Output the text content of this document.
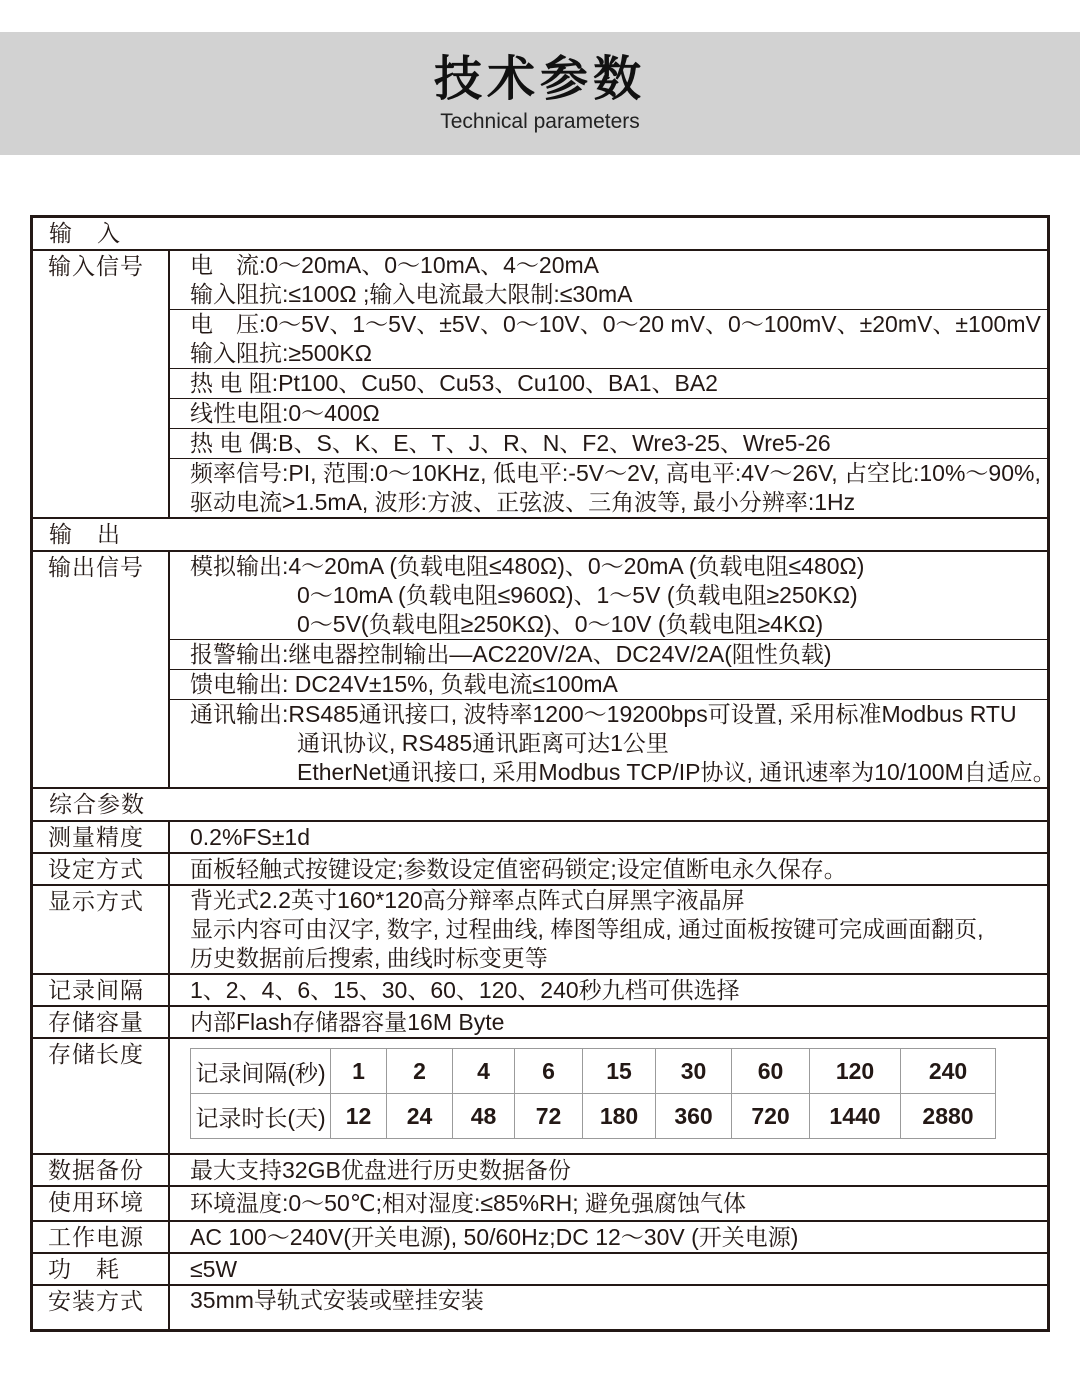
技术参数
Technical parameters
输　入
输入信号	电　流:0～20mA、0～10mA、4～20mA
输入阻抗:≤100Ω ;输入电流最大限制:≤30mA
电　压:0～5V、1～5V、±5V、0～10V、0～20 mV、0～100mV、±20mV、±100mV
输入阻抗:≥500KΩ
热 电 阻:Pt100、Cu50、Cu53、Cu100、BA1、BA2
线性电阻:0～400Ω
热 电 偶:B、S、K、E、T、J、R、N、F2、Wre3-25、Wre5-26
频率信号:PI, 范围:0～10KHz, 低电平:-5V～2V, 高电平:4V～26V, 占空比:10%～90%,
驱动电流>1.5mA, 波形:方波、正弦波、三角波等, 最小分辨率:1Hz
输　出
输出信号	模拟输出:4～20mA (负载电阻≤480Ω)、0～20mA (负载电阻≤480Ω)
0～10mA (负载电阻≤960Ω)、1～5V (负载电阻≥250KΩ)
0～5V(负载电阻≥250KΩ)、0～10V (负载电阻≥4KΩ)
报警输出:继电器控制输出—AC220V/2A、DC24V/2A(阻性负载)
馈电输出: DC24V±15%, 负载电流≤100mA
通讯输出:RS485通讯接口, 波特率1200～19200bps可设置, 采用标准Modbus RTU
通讯协议, RS485通讯距离可达1公里
EtherNet通讯接口, 采用Modbus TCP/IP协议, 通讯速率为10/100M自适应。
综合参数
测量精度	0.2%FS±1d
设定方式	面板轻触式按键设定;参数设定值密码锁定;设定值断电永久保存。
显示方式	背光式2.2英寸160*120高分辩率点阵式白屏黑字液晶屏
显示内容可由汉字, 数字, 过程曲线, 棒图等组成, 通过面板按键可完成画面翻页,
历史数据前后搜索, 曲线时标变更等
记录间隔	1、2、4、6、15、30、60、120、240秒九档可供选择
存储容量	内部Flash存储器容量16M Byte
存储长度
记录间隔(秒)	1	2	4	6	15	30	60	120	240
记录时长(天) 12	24	48	72	180	360	720	1440	2880
数据备份	最大支持32GB优盘进行历史数据备份
使用环境	环境温度:0～50℃;相对湿度:≤85%RH; 避免强腐蚀气体
工作电源	AC 100～240V(开关电源), 50/60Hz;DC 12～30V (开关电源)
功　耗	≤5W
安装方式	35mm导轨式安装或壁挂安装
